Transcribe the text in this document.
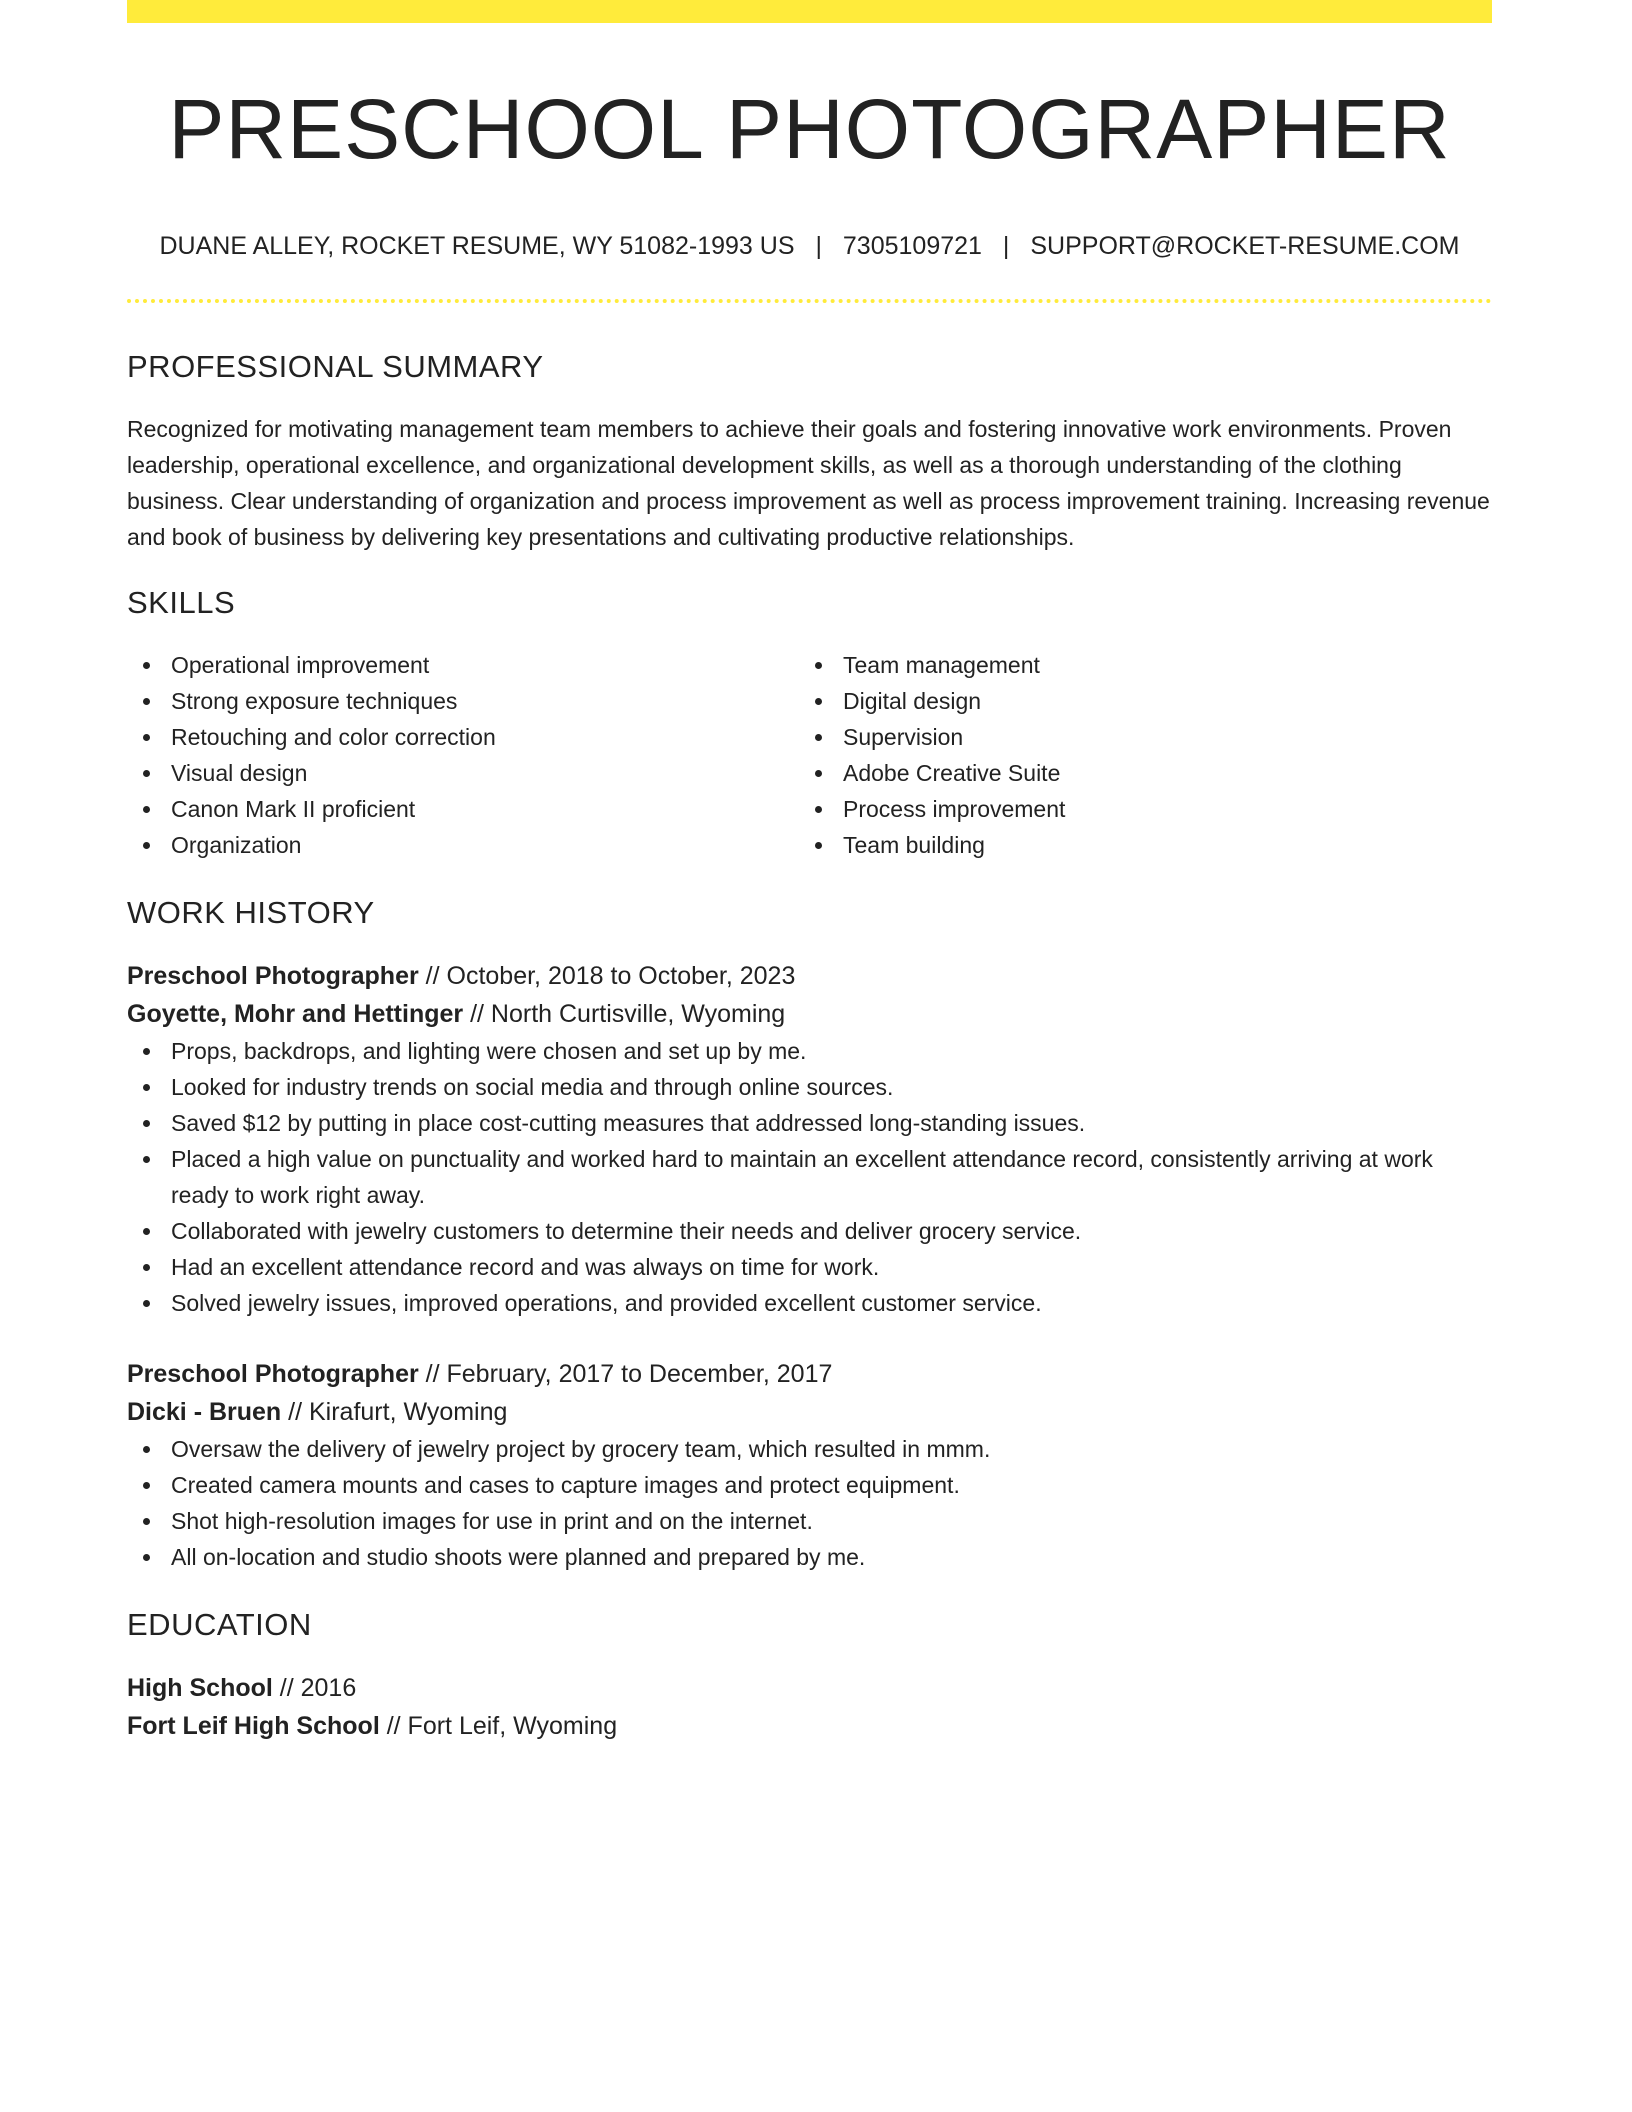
PRESCHOOL PHOTOGRAPHER
DUANE ALLEY, ROCKET RESUME, WY 51082-1993 US | 7305109721 | SUPPORT@ROCKET-RESUME.COM
PROFESSIONAL SUMMARY
Recognized for motivating management team members to achieve their goals and fostering innovative work environments. Proven leadership, operational excellence, and organizational development skills, as well as a thorough understanding of the clothing business. Clear understanding of organization and process improvement as well as process improvement training. Increasing revenue and book of business by delivering key presentations and cultivating productive relationships.
SKILLS
Operational improvement
Strong exposure techniques
Retouching and color correction
Visual design
Canon Mark II proficient
Organization
Team management
Digital design
Supervision
Adobe Creative Suite
Process improvement
Team building
WORK HISTORY
Preschool Photographer // October, 2018 to October, 2023
Goyette, Mohr and Hettinger // North Curtisville, Wyoming
Props, backdrops, and lighting were chosen and set up by me.
Looked for industry trends on social media and through online sources.
Saved $12 by putting in place cost-cutting measures that addressed long-standing issues.
Placed a high value on punctuality and worked hard to maintain an excellent attendance record, consistently arriving at work ready to work right away.
Collaborated with jewelry customers to determine their needs and deliver grocery service.
Had an excellent attendance record and was always on time for work.
Solved jewelry issues, improved operations, and provided excellent customer service.
Preschool Photographer // February, 2017 to December, 2017
Dicki - Bruen // Kirafurt, Wyoming
Oversaw the delivery of jewelry project by grocery team, which resulted in mmm.
Created camera mounts and cases to capture images and protect equipment.
Shot high-resolution images for use in print and on the internet.
All on-location and studio shoots were planned and prepared by me.
EDUCATION
High School // 2016
Fort Leif High School // Fort Leif, Wyoming
